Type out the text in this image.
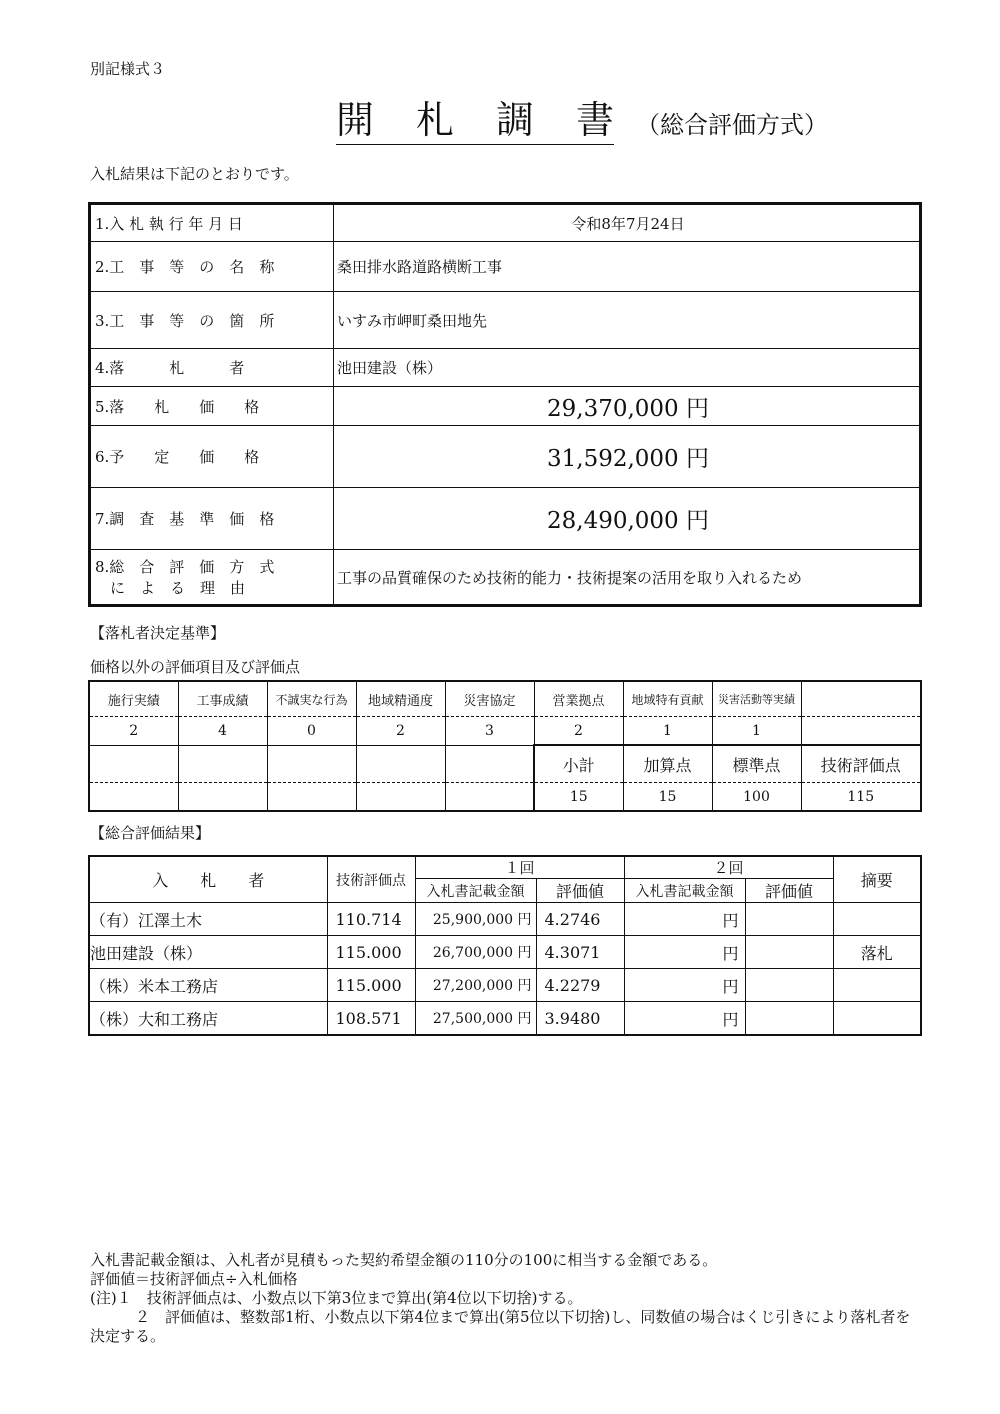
別記様式３
開 札 調 書 （総合評価方式）
入札結果は下記のとおりです。
1.入 札 執 行 年 月 日	令和8年7月24日
2.工　事　等　の　名　称	桑田排水路道路横断工事
3.工　事　等　の　箇　所	いすみ市岬町桑田地先
4.落　　　札　　　者	池田建設（株）
5.落　　札　　価　　格	29,370,000 円
6.予　　定　　価　　格	31,592,000 円
7.調　査　基　準　価　格	28,490,000 円

8.総　合　評　価　方　式
　に　よ　る　理　由	工事の品質確保のため技術的能力・技術提案の活用を取り入れるため
【落札者決定基準】
価格以外の評価項目及び評価点
施行実績	工事成績	不誠実な行為	地域精通度	災害協定	営業拠点	地域特有貢献	災害活動等実績	
2	4	0	2	3	2	1	1	
					小計	加算点	標準点	技術評価点
					15	15	100	115
【総合評価結果】
入　　札　　者	技術評価点	１回		２回		摘要
		入札書記載金額	評価値	入札書記載金額	評価値	
（有）江澤土木	110.714	25,900,000 円	4.2746	円		
池田建設（株）	115.000	26,700,000 円	4.3071	円		落札
（株）米本工務店	115.000	27,200,000 円	4.2279	円		
（株）大和工務店	108.571	27,500,000 円	3.9480	円		
入札書記載金額は、入札者が見積もった契約希望金額の110分の100に相当する金額である。
評価値＝技術評価点÷入札価格
(注)１　技術評価点は、小数点以下第3位まで算出(第4位以下切捨)する。
　　　２　評価値は、整数部1桁、小数点以下第4位まで算出(第5位以下切捨)し、同数値の場合はくじ引きにより落札者を決定する。
